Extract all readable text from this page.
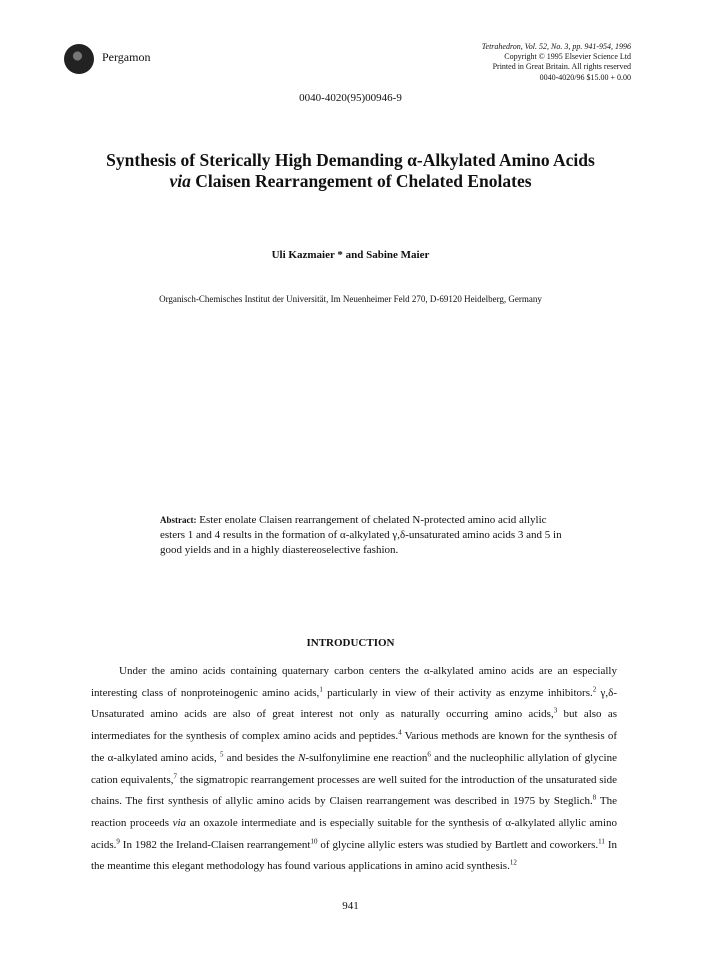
Pergamon
Tetrahedron, Vol. 52, No. 3, pp. 941-954, 1996
Copyright © 1995 Elsevier Science Ltd
Printed in Great Britain. All rights reserved
0040-4020/96 $15.00 + 0.00
0040-4020(95)00946-9
Synthesis of Sterically High Demanding α-Alkylated Amino Acids
via Claisen Rearrangement of Chelated Enolates
Uli Kazmaier * and Sabine Maier
Organisch-Chemisches Institut der Universität, Im Neuenheimer Feld 270, D-69120 Heidelberg, Germany
Abstract: Ester enolate Claisen rearrangement of chelated N-protected amino acid allylic esters 1 and 4 results in the formation of α-alkylated γ,δ-unsaturated amino acids 3 and 5 in good yields and in a highly diastereoselective fashion.
INTRODUCTION
Under the amino acids containing quaternary carbon centers the α-alkylated amino acids are an especially interesting class of nonproteinogenic amino acids,$^1$ particularly in view of their activity as enzyme inhibitors.$^2$ γ,δ-Unsaturated amino acids are also of great interest not only as naturally occurring amino acids,$^3$ but also as intermediates for the synthesis of complex amino acids and peptides.$^4$ Various methods are known for the synthesis of the α-alkylated amino acids, $^5$ and besides the N-sulfonylimine ene reaction$^6$ and the nucleophilic allylation of glycine cation equivalents,$^7$ the sigmatropic rearrangement processes are well suited for the introduction of the unsaturated side chains. The first synthesis of allylic amino acids by Claisen rearrangement was described in 1975 by Steglich.$^8$ The reaction proceeds via an oxazole intermediate and is especially suitable for the synthesis of α-alkylated allylic amino acids.$^9$ In 1982 the Ireland-Claisen rearrangement$^{10}$ of glycine allylic esters was studied by Bartlett and coworkers.$^{11}$ In the meantime this elegant methodology has found various applications in amino acid synthesis.$^{12}$
941
